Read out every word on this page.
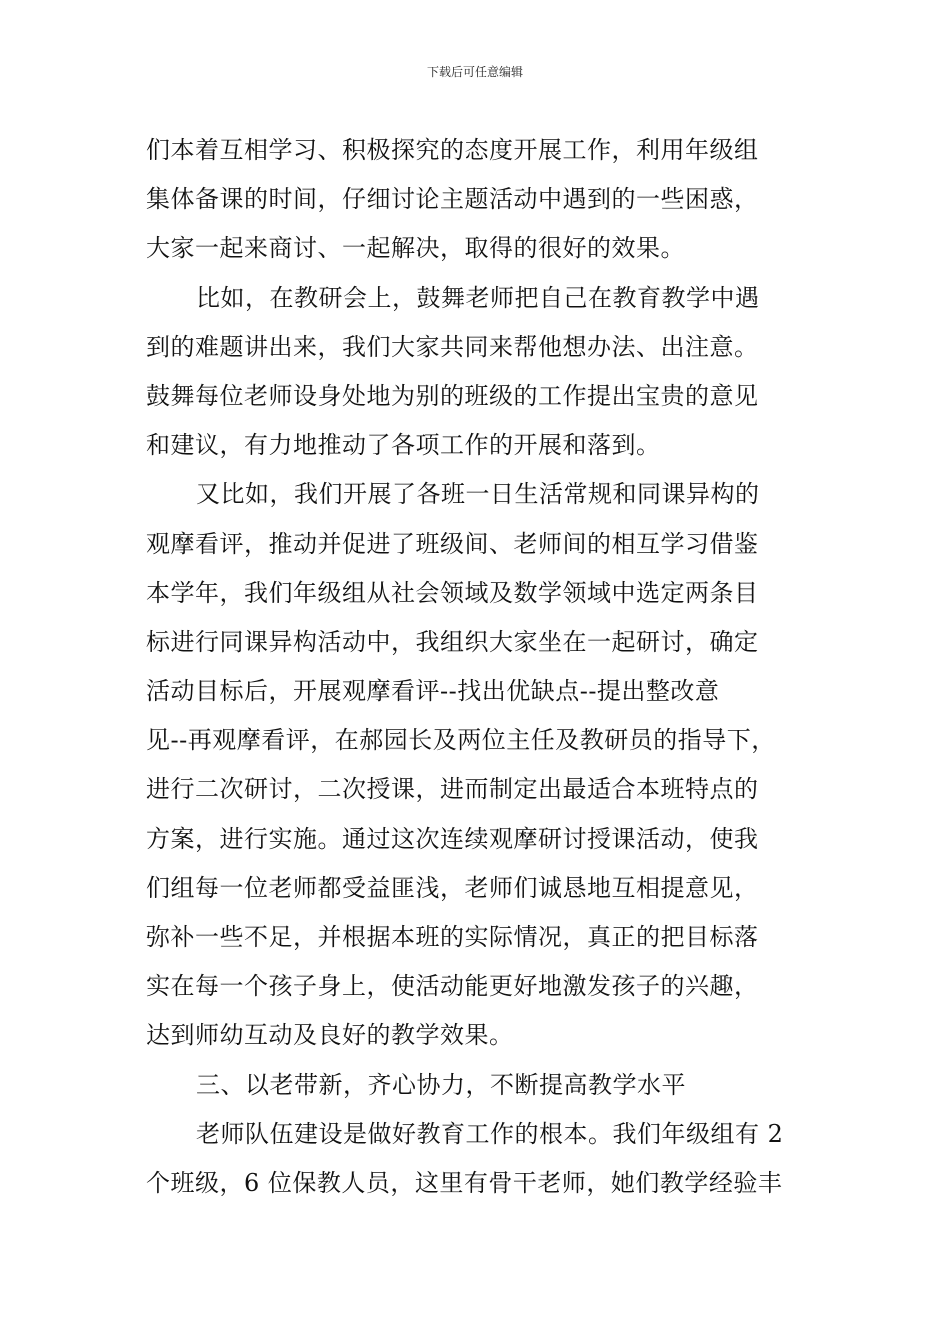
下载后可任意编辑
们本着互相学习、积极探究的态度开展工作，利用年级组
集体备课的时间，仔细讨论主题活动中遇到的一些困惑，
大家一起来商讨、一起解决，取得的很好的效果。
比如，在教研会上，鼓舞老师把自己在教育教学中遇
到的难题讲出来，我们大家共同来帮他想办法、出注意。
鼓舞每位老师设身处地为别的班级的工作提出宝贵的意见
和建议，有力地推动了各项工作的开展和落到。
又比如，我们开展了各班一日生活常规和同课异构的
观摩看评，推动并促进了班级间、老师间的相互学习借鉴
本学年，我们年级组从社会领域及数学领域中选定两条目
标进行同课异构活动中，我组织大家坐在一起研讨，确定
活动目标后，开展观摩看评--找出优缺点--提出整改意
见--再观摩看评，在郝园长及两位主任及教研员的指导下，
进行二次研讨，二次授课，进而制定出最适合本班特点的
方案，进行实施。通过这次连续观摩研讨授课活动，使我
们组每一位老师都受益匪浅，老师们诚恳地互相提意见，
弥补一些不足，并根据本班的实际情况，真正的把目标落
实在每一个孩子身上，使活动能更好地激发孩子的兴趣，
达到师幼互动及良好的教学效果。
三、以老带新，齐心协力，不断提高教学水平
老师队伍建设是做好教育工作的根本。我们年级组有 2
个班级，6 位保教人员，这里有骨干老师，她们教学经验丰
